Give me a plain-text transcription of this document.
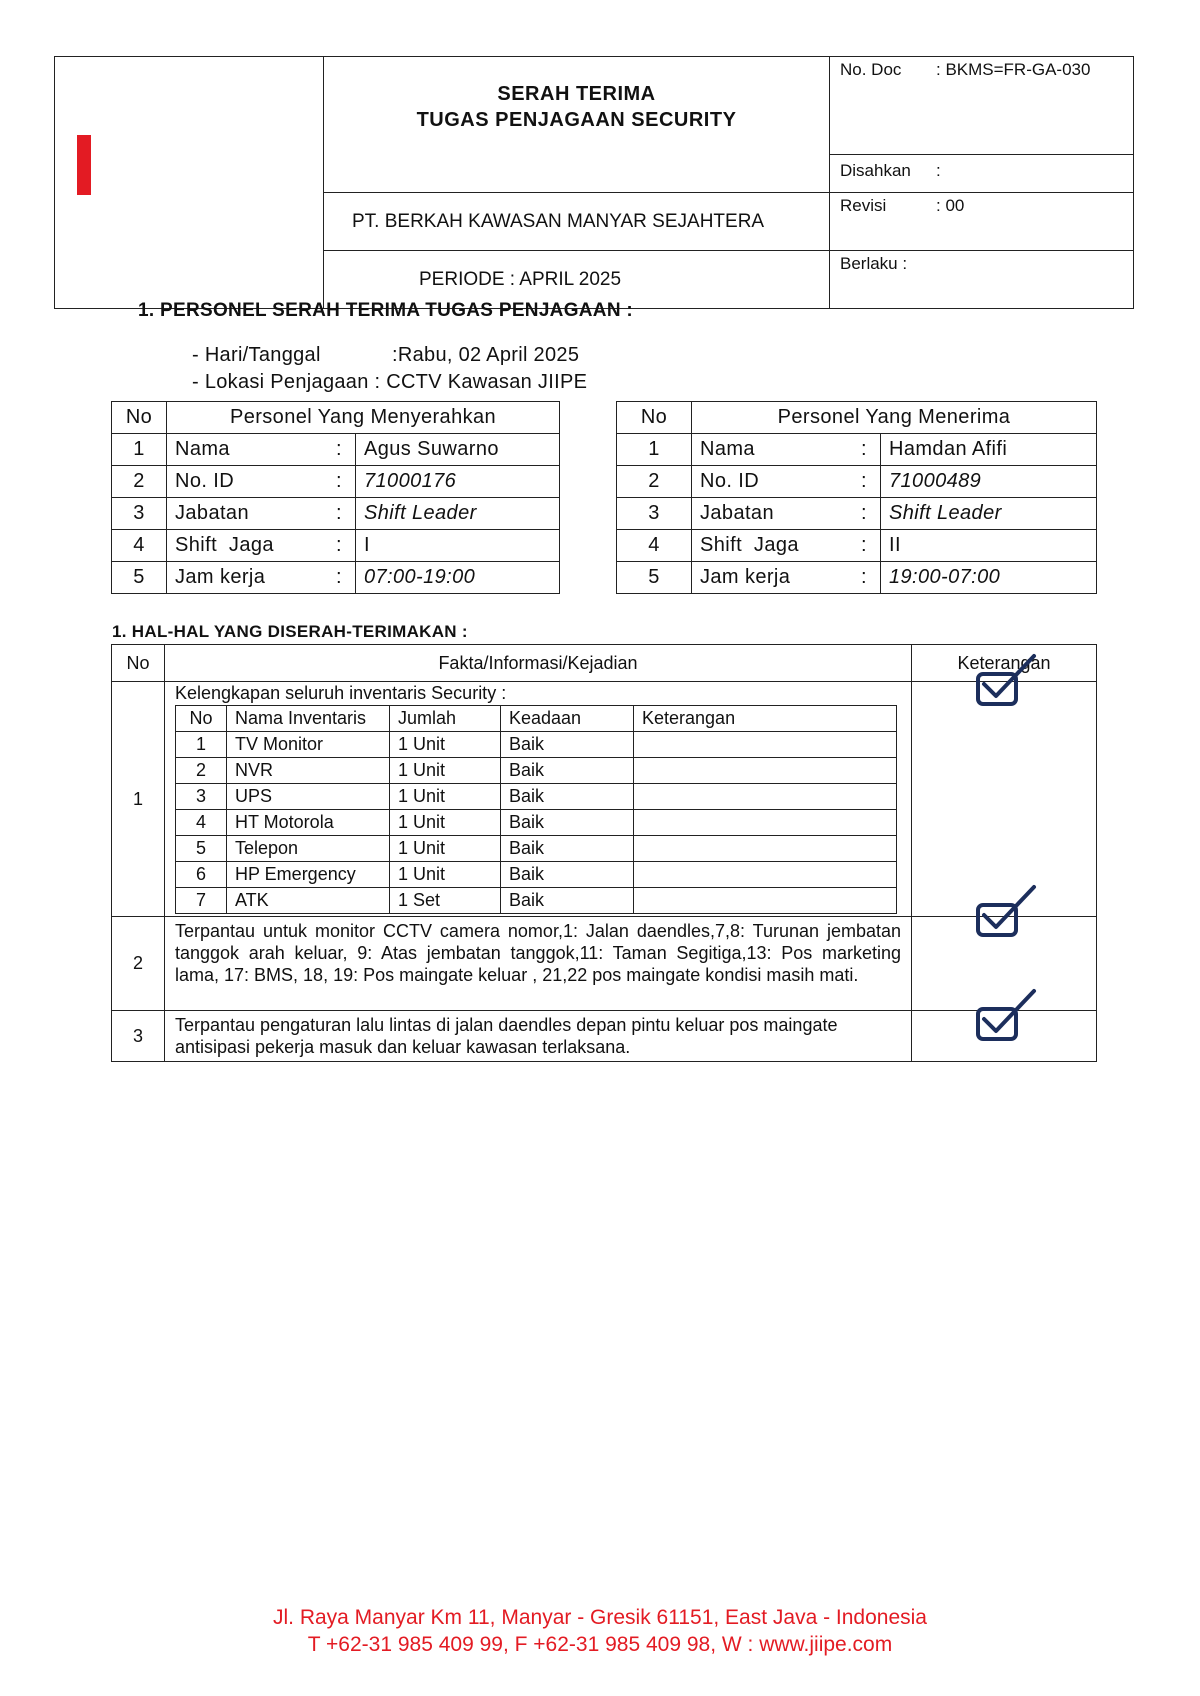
	SERAH TERIMA
TUGAS PENJAGAAN SECURITY	No. Doc : BKMS=FR-GA-030
		Disahkan :
	PT. BERKAH KAWASAN MANYAR SEJAHTERA	Revisi : 00
	PERIODE : APRIL 2025	Berlaku :
1. PERSONEL SERAH TERIMA TUGAS PENJAGAAN :
- Hari/Tanggal	:Rabu, 02 April 2025
- Lokasi Penjagaan : CCTV Kawasan JIIPE
No	Personel Yang Menyerahkan		
1	Nama	:	Agus Suwarno
2	No. ID	:	71000176
3	Jabatan	:	Shift Leader
4	Shift  Jaga	:	I
5	Jam kerja	:	07:00-19:00
No	Personel Yang Menerima		
1	Nama	:	Hamdan Afifi
2	No. ID	:	71000489
3	Jabatan	:	Shift Leader
4	Shift  Jaga	:	II
5	Jam kerja	:	19:00-07:00
1. HAL-HAL YANG DISERAH-TERIMAKAN :
No	Fakta/Informasi/Kejadian	Keterangan
1	
Kelengkapan seluruh inventaris Security :
No	Nama Inventaris	Jumlah	Keadaan	Keterangan
1	TV Monitor	1 Unit	Baik	
2	NVR	1 Unit	Baik	
3	UPS	1 Unit	Baik	
4	HT Motorola	1 Unit	Baik	
5	Telepon	1 Unit	Baik	
6	HP Emergency	1 Unit	Baik	
7	ATK	1 Set	Baik	

2	Terpantau untuk monitor CCTV camera nomor,1: Jalan daendles,7,8: Turunan jembatan tanggok arah keluar, 9: Atas jembatan tanggok,11: Taman Segitiga,13: Pos marketing lama, 17: BMS, 18, 19: Pos maingate keluar , 21,22 pos maingate kondisi masih mati.	

3	Terpantau pengaturan lalu lintas di jalan daendles depan pintu keluar pos maingate antisipasi pekerja masuk dan keluar kawasan terlaksana.	
Jl. Raya Manyar Km 11, Manyar - Gresik 61151, East Java - Indonesia
T +62-31 985 409 99, F +62-31 985 409 98, W : www.jiipe.com
